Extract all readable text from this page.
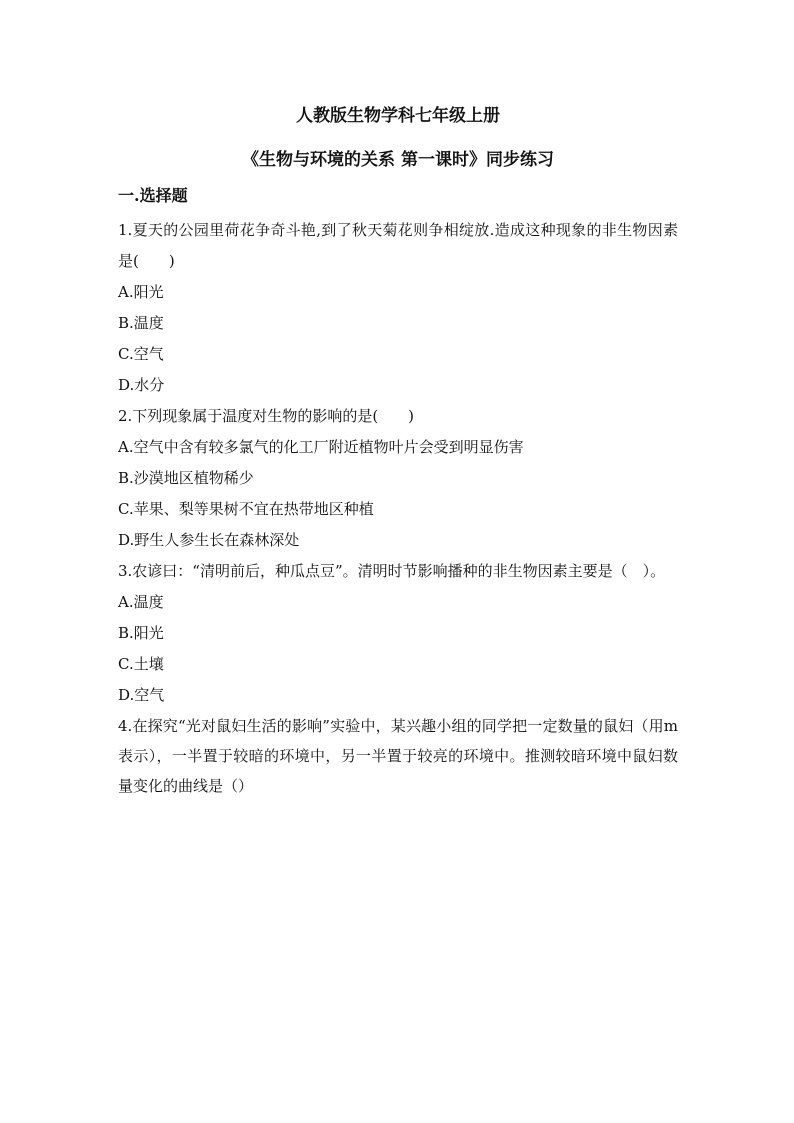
人教版生物学科七年级上册

《生物与环境的关系 第一课时》同步练习

一.选择题

1.夏天的公园里荷花争奇斗艳,到了秋天菊花则争相绽放.造成这种现象的非生物因素是(　　)

A.阳光

B.温度

C.空气

D.水分

2.下列现象属于温度对生物的影响的是(　　)

A.空气中含有较多氯气的化工厂附近植物叶片会受到明显伤害

B.沙漠地区植物稀少

C.苹果、梨等果树不宜在热带地区种植

D.野生人参生长在森林深处

3.农谚曰：“清明前后，种瓜点豆”。清明时节影响播种的非生物因素主要是（　）。

A.温度

B.阳光

C.土壤

D.空气

4.在探究“光对鼠妇生活的影响”实验中，某兴趣小组的同学把一定数量的鼠妇（用m表示），一半置于较暗的环境中，另一半置于较亮的环境中。推测较暗环境中鼠妇数量变化的曲线是（）
